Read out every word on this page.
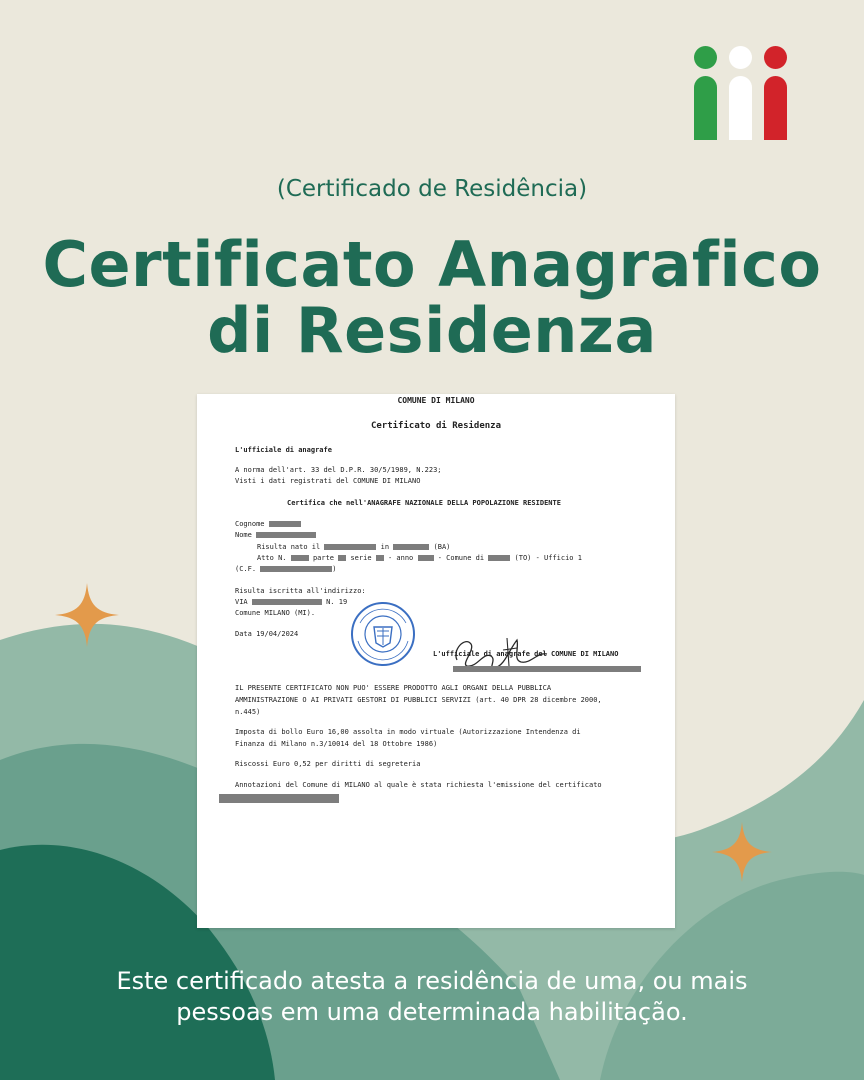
(Certificado de Residência)
Certificato Anagrafico
di Residenza
COMUNE DI MILANO
Certificato di Residenza
L'ufficiale di anagrafe
A norma dell'art. 33 del D.P.R. 30/5/1989, N.223;
Visti i dati registrati del COMUNE DI MILANO
Certifica che nell'ANAGRAFE NAZIONALE DELLA POPOLAZIONE RESIDENTE
Cognome
Nome
Risulta nato il	in	(BA)
Atto N.	parte serie - anno	- Comune di	(TO) - Ufficio 1
(C.F.	)
Risulta iscritta all'indirizzo:
VIA	N. 19
Comune MILANO (MI).
Data 19/04/2024
L'ufficiale di anagrafe del COMUNE DI MILANO
IL PRESENTE CERTIFICATO NON PUO' ESSERE PRODOTTO AGLI ORGANI DELLA PUBBLICA
AMMINISTRAZIONE O AI PRIVATI GESTORI DI PUBBLICI SERVIZI (art. 40 DPR 28 dicembre 2000,
n.445)
Imposta di bollo Euro 16,00 assolta in modo virtuale (Autorizzazione Intendenza di
Finanza di Milano n.3/10014 del 18 Ottobre 1986)
Riscossi Euro 0,52 per diritti di segreteria
Annotazioni del Comune di MILANO al quale è stata richiesta l'emissione del certificato
Este certificado atesta a residência de uma, ou mais
pessoas em uma determinada habilitação.
